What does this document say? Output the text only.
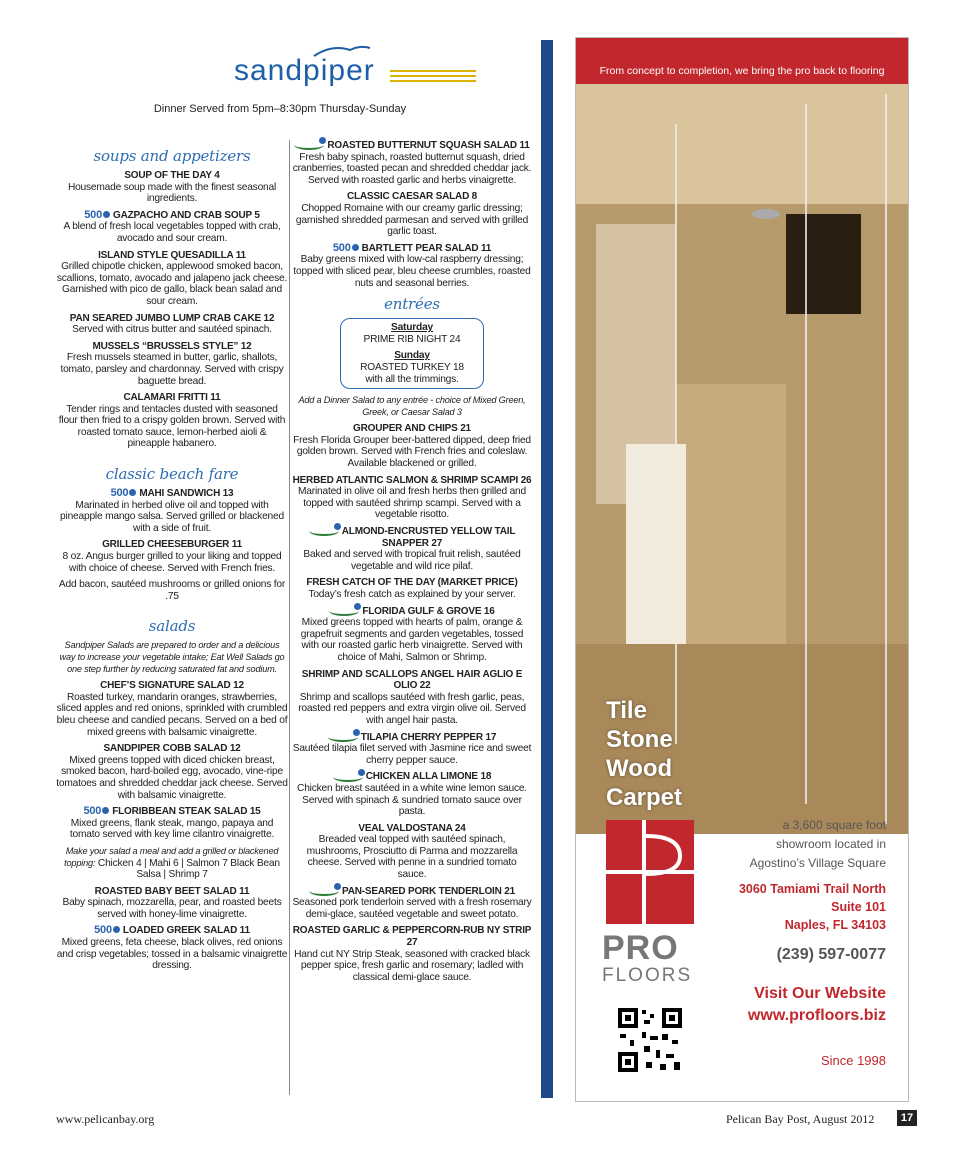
sandpiper
Dinner Served from 5pm–8:30pm Thursday-Sunday
soups and appetizers
SOUP OF THE DAY 4
Housemade soup made with the finest seasonal ingredients.
500 GAZPACHO AND CRAB SOUP 5
A blend of fresh local vegetables topped with crab, avocado and sour cream.
ISLAND STYLE QUESADILLA 11
Grilled chipotle chicken, applewood smoked bacon, scallions, tomato, avocado and jalapeno jack cheese. Garnished with pico de gallo, black bean salad and sour cream.
PAN SEARED JUMBO LUMP CRAB CAKE 12
Served with citrus butter and sautéed spinach.
MUSSELS “BRUSSELS STYLE” 12
Fresh mussels steamed in butter, garlic, shallots, tomato, parsley and chardonnay. Served with crispy baguette bread.
CALAMARI FRITTI 11
Tender rings and tentacles dusted with seasoned flour then fried to a crispy golden brown. Served with roasted tomato sauce, lemon-herbed aioli & pineapple habanero.
classic beach fare
500 MAHI SANDWICH 13
Marinated in herbed olive oil and topped with pineapple mango salsa. Served grilled or blackened with a side of fruit.
GRILLED CHEESEBURGER 11
8 oz. Angus burger grilled to your liking and topped with choice of cheese. Served with French fries.
Add bacon, sautéed mushrooms or grilled onions for .75
salads
Sandpiper Salads are prepared to order and a delicious way to increase your vegetable intake; Eat Well Salads go one step further by reducing saturated fat and sodium.
CHEF’S SIGNATURE SALAD 12
Roasted turkey, mandarin oranges, strawberries, sliced apples and red onions, sprinkled with crumbled bleu cheese and candied pecans. Served on a bed of mixed greens with balsamic vinaigrette.
SANDPIPER COBB SALAD 12
Mixed greens topped with diced chicken breast, smoked bacon, hard-boiled egg, avocado, vine-ripe tomatoes and shredded cheddar jack cheese. Served with balsamic vinaigrette.
500 FLORIBBEAN STEAK SALAD 15
Mixed greens, flank steak, mango, papaya and tomato served with key lime cilantro vinaigrette.
Make your salad a meal and add a grilled or blackened topping: Chicken 4 | Mahi 6 | Salmon 7 Black Bean Salsa | Shrimp 7
ROASTED BABY BEET SALAD 11
Baby spinach, mozzarella, pear, and roasted beets served with honey-lime vinaigrette.
500 LOADED GREEK SALAD 11
Mixed greens, feta cheese, black olives, red onions and crisp vegetables; tossed in a balsamic vinaigrette dressing.
ROASTED BUTTERNUT SQUASH SALAD 11
Fresh baby spinach, roasted butternut squash, dried cranberries, toasted pecan and shredded cheddar jack. Served with roasted garlic and herbs vinaigrette.
CLASSIC CAESAR SALAD 8
Chopped Romaine with our creamy garlic dressing; garnished shredded parmesan and served with grilled garlic toast.
500 BARTLETT PEAR SALAD 11
Baby greens mixed with low-cal raspberry dressing; topped with sliced pear, bleu cheese crumbles, roasted nuts and seasonal berries.
entrées
Saturday
PRIME RIB NIGHT 24
Sunday
ROASTED TURKEY 18
with all the trimmings.
Add a Dinner Salad to any entrée - choice of Mixed Green, Greek, or Caesar Salad 3
GROUPER AND CHIPS 21
Fresh Florida Grouper beer-battered dipped, deep fried golden brown. Served with French fries and coleslaw. Available blackened or grilled.
HERBED ATLANTIC SALMON & SHRIMP SCAMPI 26
Marinated in olive oil and fresh herbs then grilled and topped with sautéed shrimp scampi. Served with a vegetable risotto.
ALMOND-ENCRUSTED YELLOW TAIL SNAPPER 27
Baked and served with tropical fruit relish, sautéed vegetable and wild rice pilaf.
FRESH CATCH OF THE DAY (MARKET PRICE)
Today’s fresh catch as explained by your server.
FLORIDA GULF & GROVE 16
Mixed greens topped with hearts of palm, orange & grapefruit segments and garden vegetables, tossed with our roasted garlic herb vinaigrette. Served with choice of Mahi, Salmon or Shrimp.
SHRIMP AND SCALLOPS ANGEL HAIR AGLIO E OLIO 22
Shrimp and scallops sautéed with fresh garlic, peas, roasted red peppers and extra virgin olive oil. Served with angel hair pasta.
TILAPIA CHERRY PEPPER 17
Sautéed tilapia filet served with Jasmine rice and sweet cherry pepper sauce.
CHICKEN ALLA LIMONE 18
Chicken breast sautéed in a white wine lemon sauce. Served with spinach & sundried tomato sauce over pasta.
VEAL VALDOSTANA 24
Breaded veal topped with sautéed spinach, mushrooms, Prosciutto di Parma and mozzarella cheese. Served with penne in a sundried tomato sauce.
PAN-SEARED PORK TENDERLOIN 21
Seasoned pork tenderloin served with a fresh rosemary demi-glace, sautéed vegetable and sweet potato.
ROASTED GARLIC & PEPPERCORN-RUB NY STRIP 27
Hand cut NY Strip Steak, seasoned with cracked black pepper spice, fresh garlic and rosemary; ladled with classical demi-glace sauce.
www.pelicanbay.org	Pelican Bay Post, August 2012	17
From concept to completion, we bring the pro back to flooring
Tile
Stone
Wood
Carpet
PRO
FLOORS
a 3,600 square foot
showroom located in
Agostino’s Village Square
3060 Tamiami Trail North
Suite 101
Naples, FL 34103
(239) 597-0077
Visit Our Website
www.profloors.biz
Since 1998
